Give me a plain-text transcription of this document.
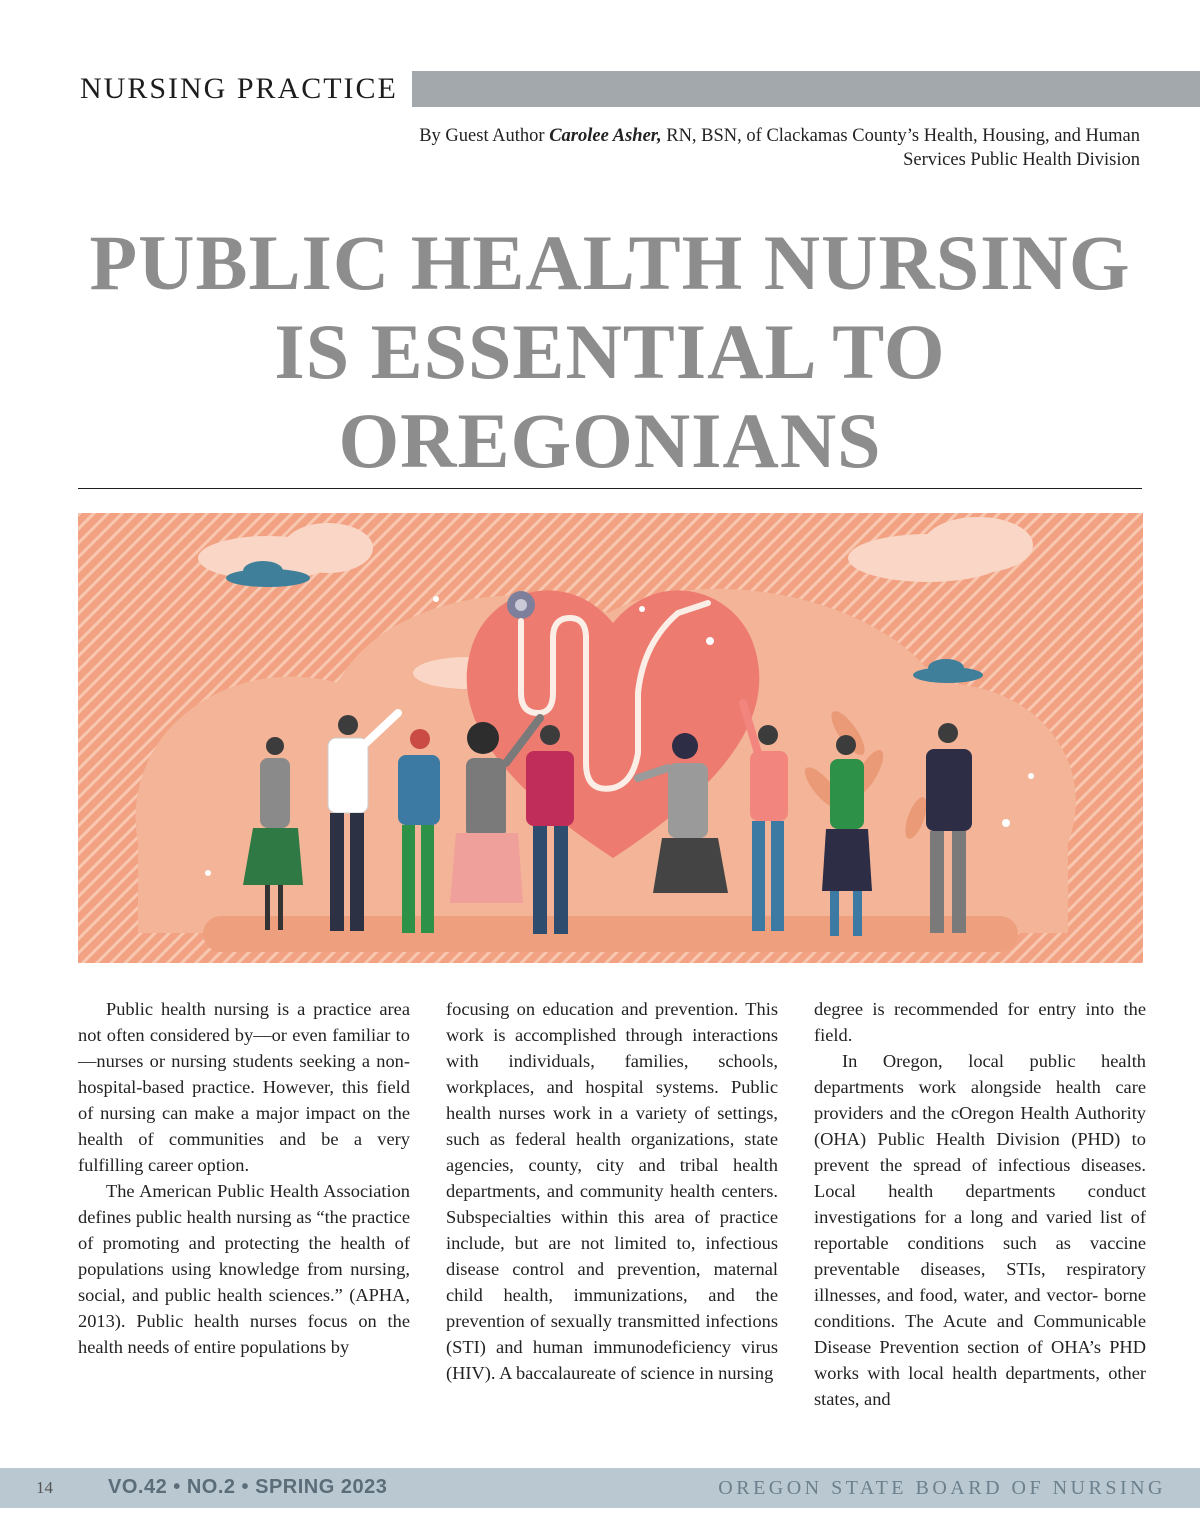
NURSING PRACTICE
By Guest Author Carolee Asher, RN, BSN, of Clackamas County’s Health, Housing, and Human Services Public Health Division
PUBLIC HEALTH NURSING
IS ESSENTIAL TO
OREGONIANS

Public health nursing is a practice area not often considered by—or even familiar to—nurses or nursing students seeking a non-hospital-based practice. However, this field of nursing can make a major impact on the health of communities and be a very fulfilling career option.

The American Public Health Association defines public health nursing as “the practice of promoting and protecting the health of populations using knowledge from nursing, social, and public health sciences.” (APHA, 2013). Public health nurses focus on the health needs of entire populations by

focusing on education and prevention. This work is accomplished through interactions with individuals, families, schools, workplaces, and hospital systems. Public health nurses work in a variety of settings, such as federal health organizations, state agencies, county, city and tribal health departments, and community health centers. Subspecialties within this area of practice include, but are not limited to, infectious disease control and prevention, maternal child health, immunizations, and the prevention of sexually transmitted infections (STI) and human immunodeficiency virus (HIV). A baccalaureate of science in nursing

degree is recommended for entry into the field.

In Oregon, local public health departments work alongside health care providers and the cOregon Health Authority (OHA) Public Health Division (PHD) to prevent the spread of infectious diseases. Local health departments conduct investigations for a long and varied list of reportable conditions such as vaccine preventable diseases, STIs, respiratory illnesses, and food, water, and vector- borne conditions. The Acute and Communicable Disease Prevention section of OHA’s PHD works with local health departments, other states, and

14	VO.42 • NO.2 • SPRING 2023	OREGON STATE BOARD OF NURSING
